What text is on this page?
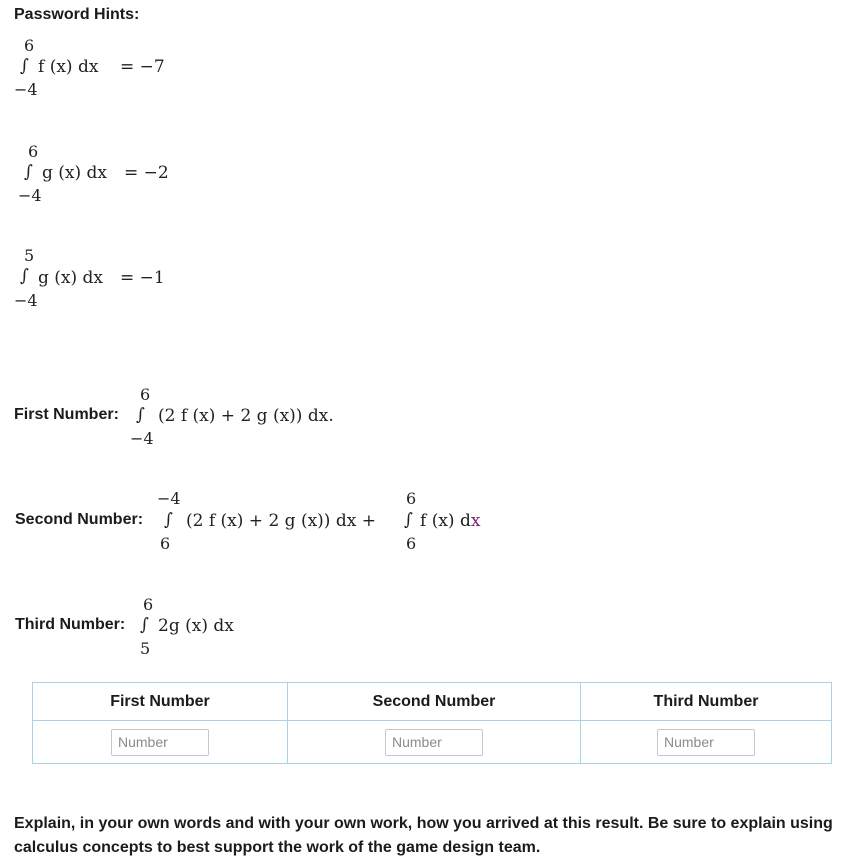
Password Hints:
6
∫ f (x) dx = −7
−4
6
∫ g (x) dx = −2
−4
5
∫ g (x) dx = −1
−4
First Number:
6
∫ (2 f (x) + 2 g (x)) dx.
−4
Second Number:
−4
∫ (2 f (x) + 2 g (x)) dx +
6
6
∫ f (x) dx
6
Third Number:
6
∫ 2g (x) dx
5
First Number	Second Number	Third Number
Number	Number	Number
Explain, in your own words and with your own work, how you arrived at this result. Be sure to explain using calculus concepts to best support the work of the game design team.
